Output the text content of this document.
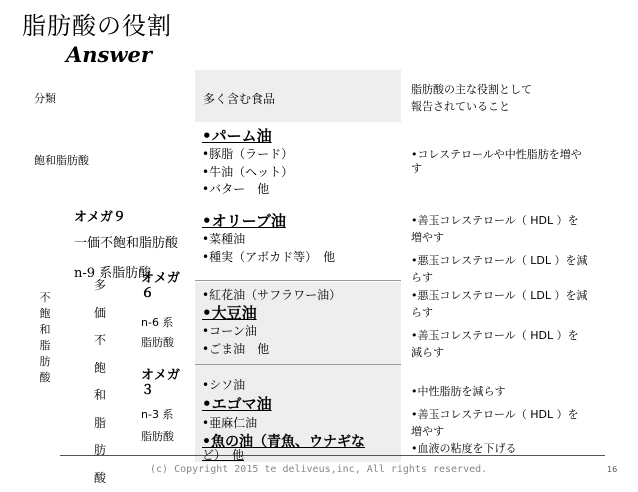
脂肪酸の役割
Answer
分類	多く含む食品
脂肪酸の主な役割として
報告されていること
飽和脂肪酸
•パーム油
•豚脂（ラード）
•牛油（ヘット）
•バター　他
•コレステロールや中性脂肪を増や
す
オメガ９
一価不飽和脂肪酸
n-9 系脂肪酸
•オリーブ油
•菜種油
•種実（アボカド等）　他
•善玉コレステロール（ HDL ）を
増やす
•悪玉コレステロール（ LDL ）を減
らす
不飽和脂肪酸
多価不飽和脂肪酸
オメガ ６
n-6 系
脂肪酸
•紅花油（サフラワー油）
•大豆油
•コーン油
•ごま油　他
•悪玉コレステロール（ LDL ）を減
らす
•善玉コレステロール（ HDL ）を
減らす
オメガ ３
n-3 系
脂肪酸
•シソ油
•エゴマ油
•亜麻仁油
•魚の油（青魚、ウナギな
ど）　他
•中性脂肪を減らす
•善玉コレステロール（ HDL ）を
増やす
•血液の粘度を下げる
(c) Copyright 2015 te deliveus,inc, All rights reserved.	16
